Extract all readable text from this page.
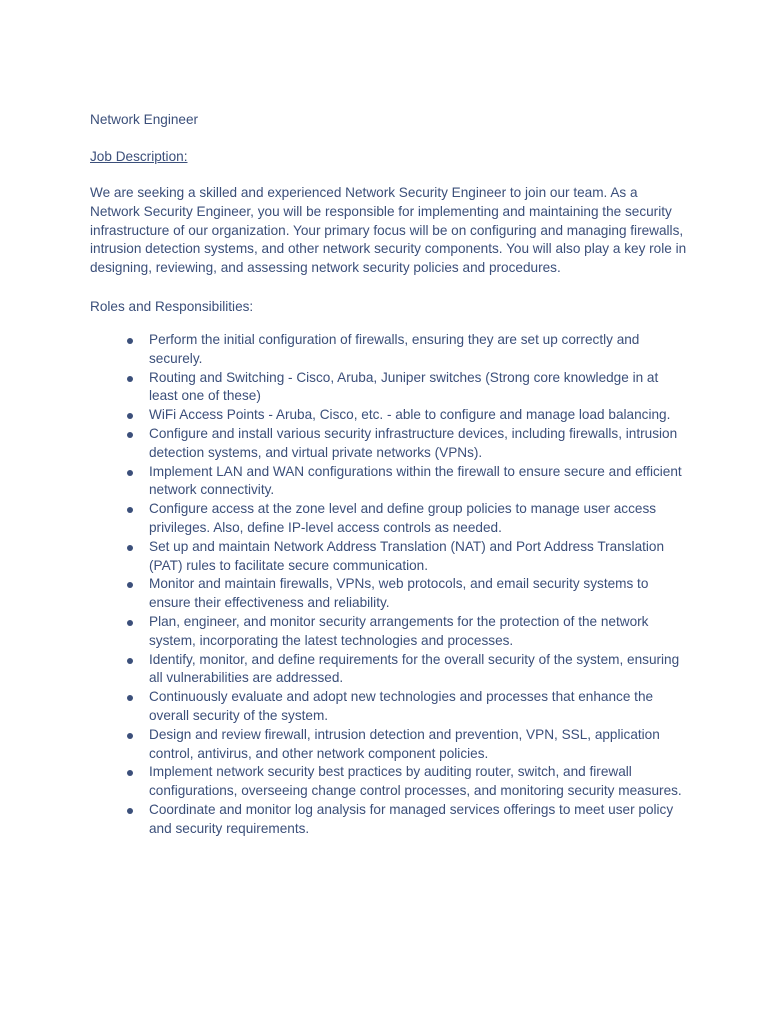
Network Engineer

Job Description:

We are seeking a skilled and experienced Network Security Engineer to join our team. As a Network Security Engineer, you will be responsible for implementing and maintaining the security infrastructure of our organization. Your primary focus will be on configuring and managing firewalls, intrusion detection systems, and other network security components. You will also play a key role in designing, reviewing, and assessing network security policies and procedures.

Roles and Responsibilities:

Perform the initial configuration of firewalls, ensuring they are set up correctly and securely.
Routing and Switching - Cisco, Aruba, Juniper switches (Strong core knowledge in at least one of these)
WiFi Access Points - Aruba, Cisco, etc. - able to configure and manage load balancing.
Configure and install various security infrastructure devices, including firewalls, intrusion detection systems, and virtual private networks (VPNs).
Implement LAN and WAN configurations within the firewall to ensure secure and efficient network connectivity.
Configure access at the zone level and define group policies to manage user access privileges. Also, define IP-level access controls as needed.
Set up and maintain Network Address Translation (NAT) and Port Address Translation (PAT) rules to facilitate secure communication.
Monitor and maintain firewalls, VPNs, web protocols, and email security systems to ensure their effectiveness and reliability.
Plan, engineer, and monitor security arrangements for the protection of the network system, incorporating the latest technologies and processes.
Identify, monitor, and define requirements for the overall security of the system, ensuring all vulnerabilities are addressed.
Continuously evaluate and adopt new technologies and processes that enhance the overall security of the system.
Design and review firewall, intrusion detection and prevention, VPN, SSL, application control, antivirus, and other network component policies.
Implement network security best practices by auditing router, switch, and firewall configurations, overseeing change control processes, and monitoring security measures.
Coordinate and monitor log analysis for managed services offerings to meet user policy and security requirements.
